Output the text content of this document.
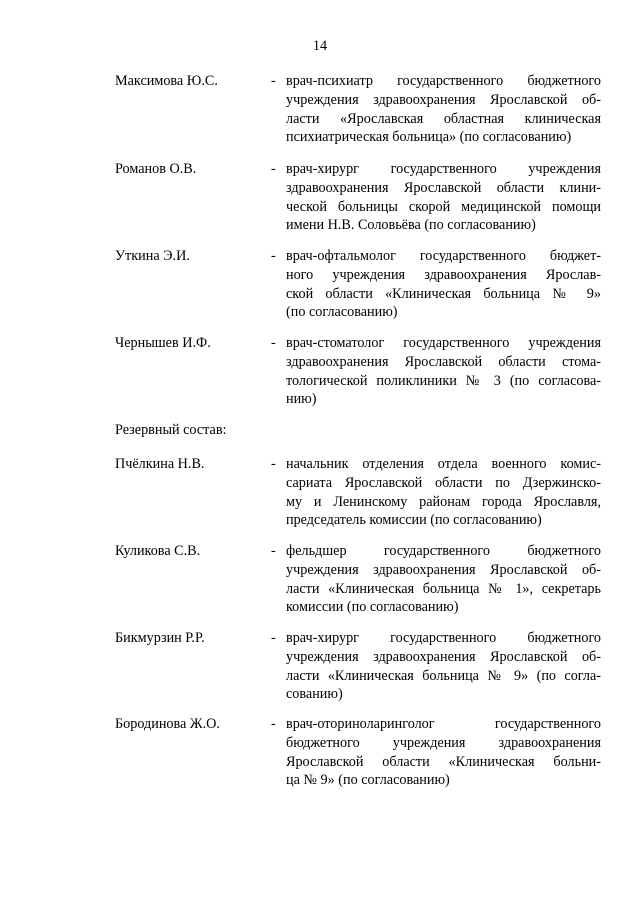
14
Максимова Ю.С.	- врач-психиатр государственного бюджетного
учреждения здравоохранения Ярославской об-
ласти «Ярославская областная клиническая
психиатрическая больница» (по согласованию)
Романов О.В.	- врач-хирург государственного учреждения
здравоохранения Ярославской области клини-
ческой больницы скорой медицинской помощи
имени Н.В. Соловьёва (по согласованию)
Уткина Э.И.	- врач-офтальмолог государственного бюджет-
ного учреждения здравоохранения Ярослав-
ской области «Клиническая больница № 9»
(по согласованию)
Чернышев И.Ф.	- врач-стоматолог государственного учреждения
здравоохранения Ярославской области стома-
тологической поликлиники № 3 (по согласова-
нию)
Резервный состав:
Пчёлкина Н.В.	- начальник отделения отдела военного комис-
сариата Ярославской области по Дзержинско-
му и Ленинскому районам города Ярославля,
председатель комиссии (по согласованию)
Куликова С.В.	- фельдшер государственного бюджетного
учреждения здравоохранения Ярославской об-
ласти «Клиническая больница № 1», секретарь
комиссии (по согласованию)
Бикмурзин Р.Р.	- врач-хирург государственного бюджетного
учреждения здравоохранения Ярославской об-
ласти «Клиническая больница № 9» (по согла-
сованию)
Бородинова Ж.О.	- врач-оториноларинголог государственного
бюджетного учреждения здравоохранения
Ярославской области «Клиническая больни-
ца № 9» (по согласованию)
